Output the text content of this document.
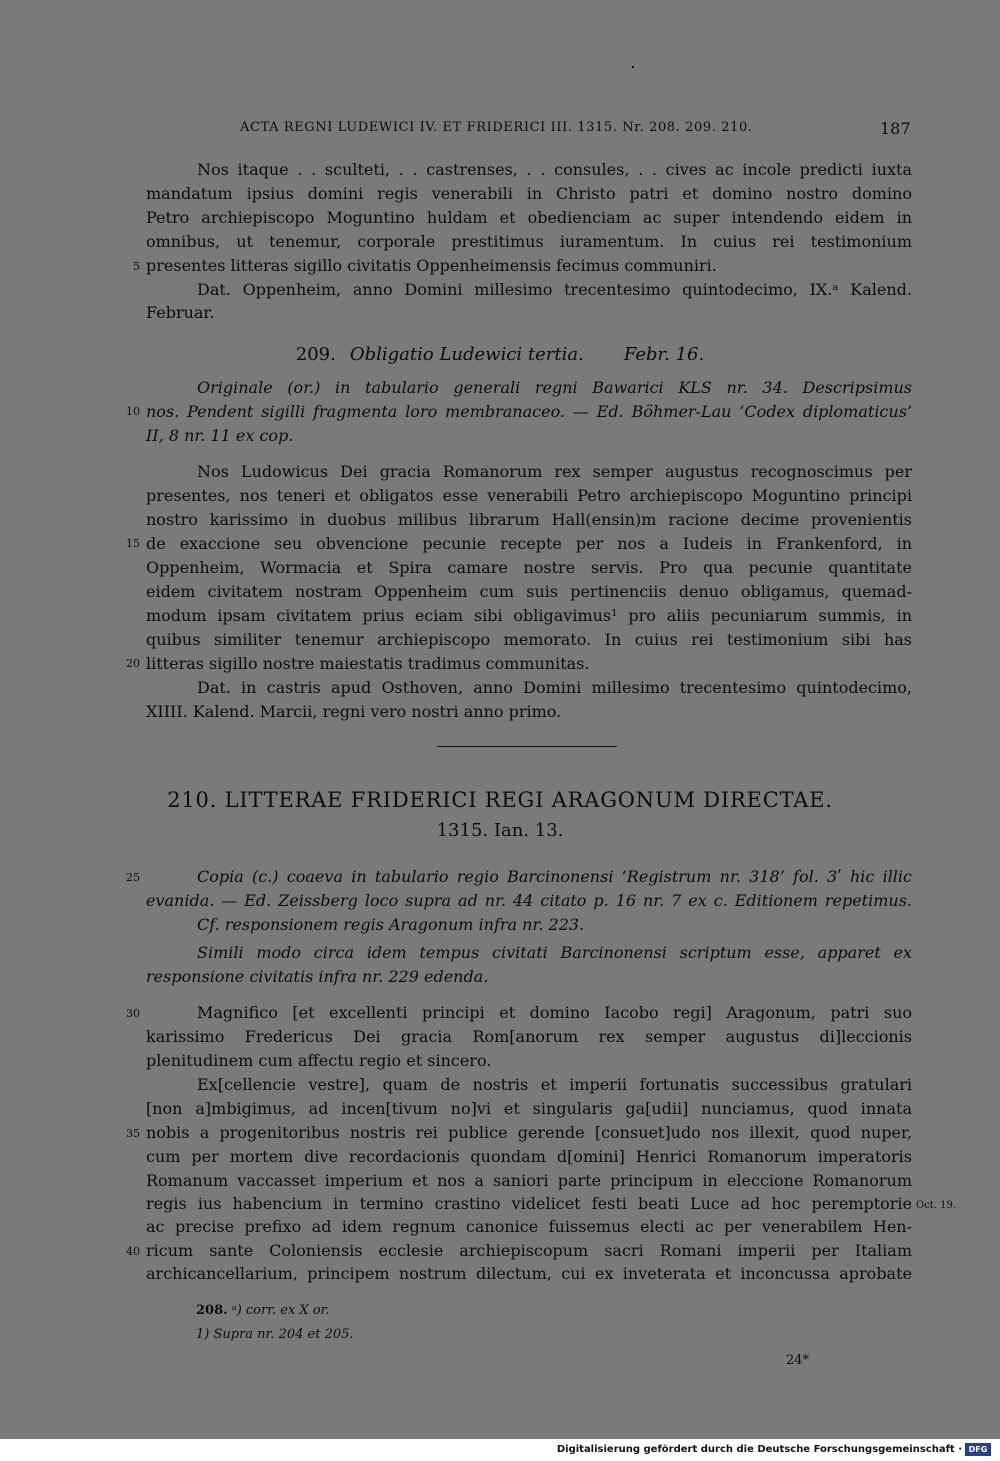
ACTA REGNI LUDEWICI IV. ET FRIDERICI III. 1315. Nr. 208. 209. 210.	187
Nos itaque . . sculteti, . . castrenses, . . consules, . . cives ac incole predicti iuxta
mandatum ipsius domini regis venerabili in Christo patri et domino nostro domino
Petro archiepiscopo Moguntino huldam et obedienciam ac super intendendo eidem in
omnibus, ut tenemur, corporale prestitimus iuramentum. In cuius rei testimonium
presentes litteras sigillo civitatis Oppenheimensis fecimus communiri.
Dat. Oppenheim, anno Domini millesimo trecentesimo quintodecimo, IX.ᵃ Kalend.
Februar.
209. Obligatio Ludewici tertia. Febr. 16.
Originale (or.) in tabulario generali regni Bawarici KLS nr. 34. Descripsimus
nos. Pendent sigilli fragmenta loro membranaceo. — Ed. Böhmer-Lau ‘Codex diplomaticus’
II, 8 nr. 11 ex cop.
Nos Ludowicus Dei gracia Romanorum rex semper augustus recognoscimus per
presentes, nos teneri et obligatos esse venerabili Petro archiepiscopo Moguntino principi
nostro karissimo in duobus milibus librarum Hall(ensin)m racione decime provenientis
de exaccione seu obvencione pecunie recepte per nos a Iudeis in Frankenford, in
Oppenheim, Wormacia et Spira camare nostre servis. Pro qua pecunie quantitate
eidem civitatem nostram Oppenheim cum suis pertinenciis denuo obligamus, quemad-
modum ipsam civitatem prius eciam sibi obligavimus¹ pro aliis pecuniarum summis, in
quibus similiter tenemur archiepiscopo memorato. In cuius rei testimonium sibi has
litteras sigillo nostre maiestatis tradimus communitas.
Dat. in castris apud Osthoven, anno Domini millesimo trecentesimo quintodecimo,
XIIII. Kalend. Marcii, regni vero nostri anno primo.
210. LITTERAE FRIDERICI REGI ARAGONUM DIRECTAE.
1315. Ian. 13.
Copia (c.) coaeva in tabulario regio Barcinonensi ‘Registrum nr. 318’ fol. 3ʹ hic illic
evanida. — Ed. Zeissberg loco supra ad nr. 44 citato p. 16 nr. 7 ex c. Editionem repetimus.
Cf. responsionem regis Aragonum infra nr. 223.
Simili modo circa idem tempus civitati Barcinonensi scriptum esse, apparet ex
responsione civitatis infra nr. 229 edenda.
Magnifico [et excellenti principi et domino Iacobo regi] Aragonum, patri suo
karissimo Fredericus Dei gracia Rom[anorum rex semper augustus di]leccionis
plenitudinem cum affectu regio et sincero.
Ex[cellencie vestre], quam de nostris et imperii fortunatis successibus gratulari
[non a]mbigimus, ad incen[tivum no]vi et singularis ga[udii] nunciamus, quod innata
nobis a progenitoribus nostris rei publice gerende [consuet]udo nos illexit, quod nuper,
cum per mortem dive recordacionis quondam d[omini] Henrici Romanorum imperatoris
Romanum vaccasset imperium et nos a saniori parte principum in eleccione Romanorum
regis ius habencium in termino crastino videlicet festi beati Luce ad hoc peremptorie
ac precise prefixo ad idem regnum canonice fuissemus electi ac per venerabilem Hen-
ricum sante Coloniensis ecclesie archiepiscopum sacri Romani imperii per Italiam
archicancellarium, principem nostrum dilectum, cui ex inveterata et inconcussa aprobate
Oct. 19.
5
10
15
20
25
30
35
40
208. ᵃ) corr. ex X or.
1) Supra nr. 204 et 205.
24*
Digitalisierung gefördert durch die Deutsche Forschungsgemeinschaft · DFG
